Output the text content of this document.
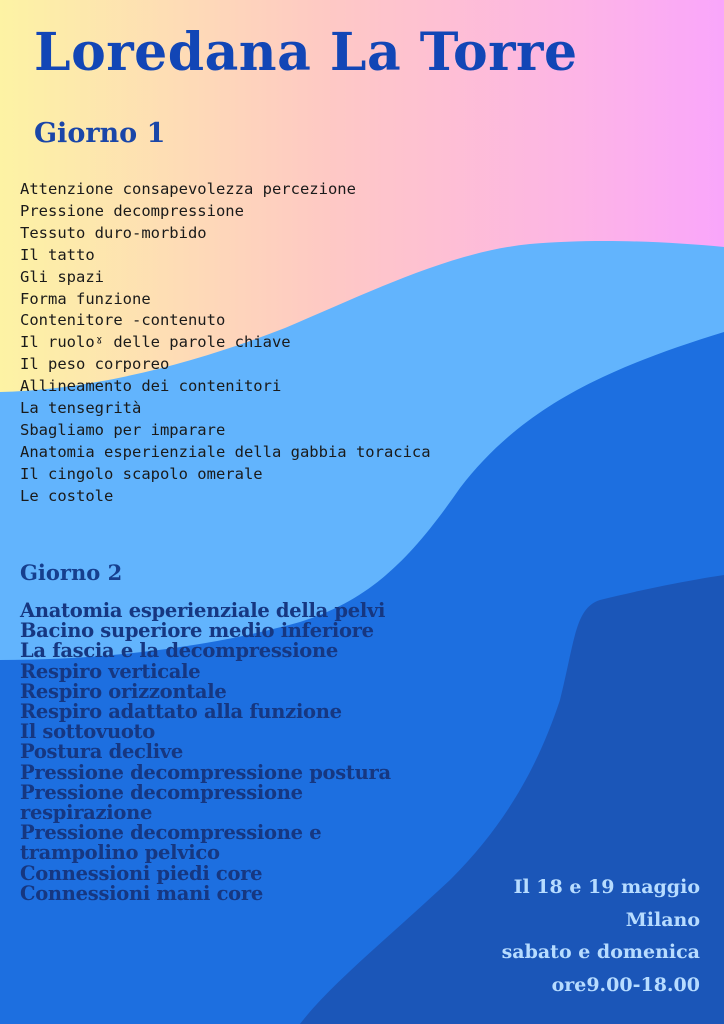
Loredana La Torre
Giorno 1
Attenzione consapevolezza percezione
Pressione decompressione
Tessuto duro-morbido
Il tatto
Gli spazi
Forma funzione
Contenitore -contenuto
Il ruoloˠ delle parole chiave
Il peso corporeo
Allineamento dei contenitori
La tensegrità
Sbagliamo per imparare
Anatomia esperienziale della gabbia toracica
Il cingolo scapolo omerale
Le costole
Giorno 2
Anatomia esperienziale della pelvi
Bacino superiore medio inferiore
La fascia e la decompressione
Respiro verticale
Respiro orizzontale
Respiro adattato alla funzione
Il sottovuoto
Postura declive
Pressione decompressione postura
Pressione decompressione
respirazione
Pressione decompressione e
trampolino pelvico
Connessioni piedi core
Connessioni mani core	Il 18 e 19 maggio
Milano
sabato e domenica
ore9.00-18.00
